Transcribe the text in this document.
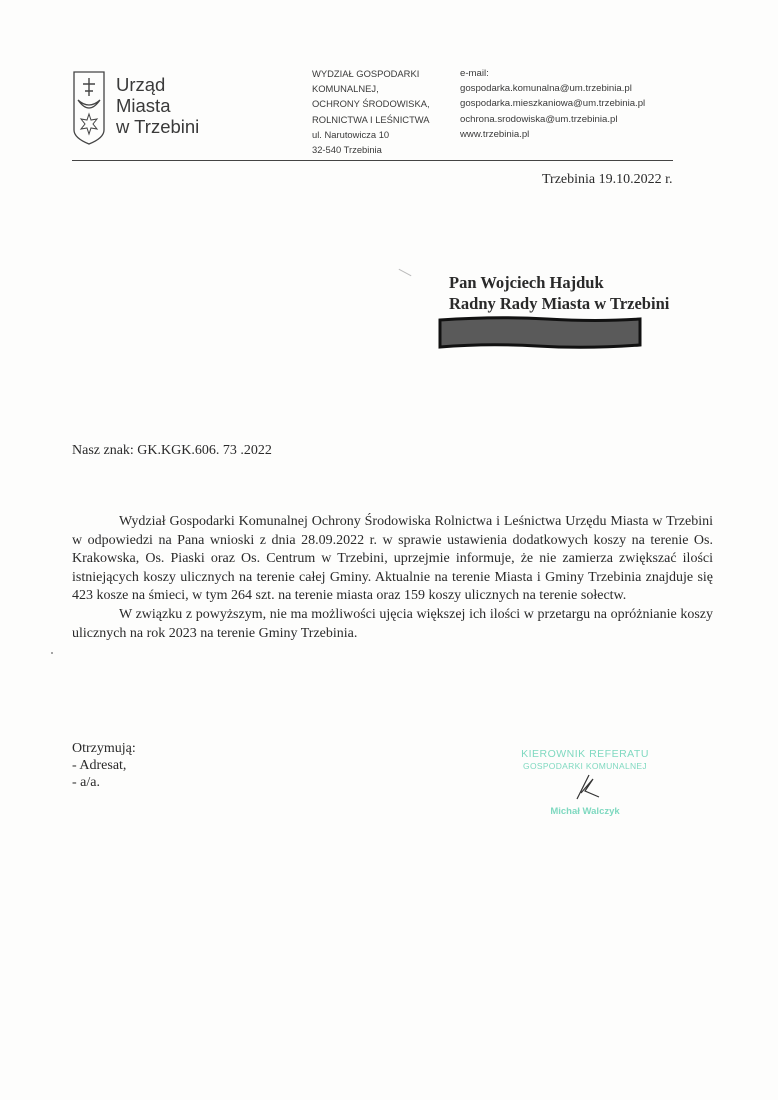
Urząd
Miasta
w Trzebini
WYDZIAŁ GOSPODARKI
KOMUNALNEJ,
OCHRONY ŚRODOWISKA,
ROLNICTWA I LEŚNICTWA
ul. Narutowicza 10
32-540 Trzebinia
e-mail:
gospodarka.komunalna@um.trzebinia.pl
gospodarka.mieszkaniowa@um.trzebinia.pl
ochrona.srodowiska@um.trzebinia.pl
www.trzebinia.pl
Trzebinia 19.10.2022 r.
Pan Wojciech Hajduk
Radny Rady Miasta w Trzebini
Nasz znak: GK.KGK.606. 73 .2022

Wydział Gospodarki Komunalnej Ochrony Środowiska Rolnictwa i Leśnictwa Urzędu Miasta w Trzebini w odpowiedzi na Pana wnioski z dnia 28.09.2022 r. w sprawie ustawienia dodatkowych koszy na terenie Os. Krakowska, Os. Piaski oraz Os. Centrum w Trzebini, uprzejmie informuje, że nie zamierza zwiększać ilości istniejących koszy ulicznych na terenie całej Gminy. Aktualnie na terenie Miasta i Gminy Trzebinia znajduje się 423 kosze na śmieci, w tym 264 szt. na terenie miasta oraz 159 koszy ulicznych na terenie sołectw.

W związku z powyższym, nie ma możliwości ujęcia większej ich ilości w przetargu na opróżnianie koszy ulicznych na rok 2023 na terenie Gminy Trzebinia.

Otrzymują:
- Adresat,
- a/a.
KIEROWNIK REFERATU
GOSPODARKI KOMUNALNEJ
Michał Walczyk
